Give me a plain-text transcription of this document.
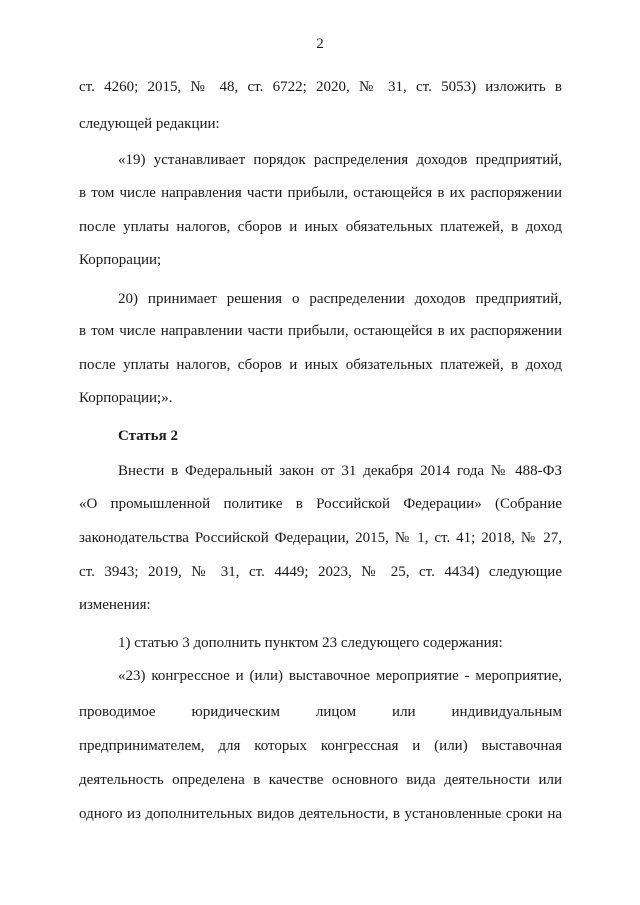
2
ст. 4260; 2015, № 48, ст. 6722; 2020, № 31, ст. 5053) изложить в
следующей редакции:
«19) устанавливает порядок распределения доходов предприятий,
в том числе направления части прибыли, остающейся в их распоряжении
после уплаты налогов, сборов и иных обязательных платежей, в доход
Корпорации;
20) принимает решения о распределении доходов предприятий,
в том числе направлении части прибыли, остающейся в их распоряжении
после уплаты налогов, сборов и иных обязательных платежей, в доход
Корпорации;».
Статья 2
Внести в Федеральный закон от 31 декабря 2014 года № 488-ФЗ
«О промышленной политике в Российской Федерации» (Собрание
законодательства Российской Федерации, 2015, № 1, ст. 41; 2018, № 27,
ст. 3943; 2019, № 31, ст. 4449; 2023, № 25, ст. 4434) следующие
изменения:
1) статью 3 дополнить пунктом 23 следующего содержания:
«23) конгрессное и (или) выставочное мероприятие - мероприятие,
проводимое юридическим лицом или индивидуальным
предпринимателем, для которых конгрессная и (или) выставочная
деятельность определена в качестве основного вида деятельности или
одного из дополнительных видов деятельности, в установленные сроки на
